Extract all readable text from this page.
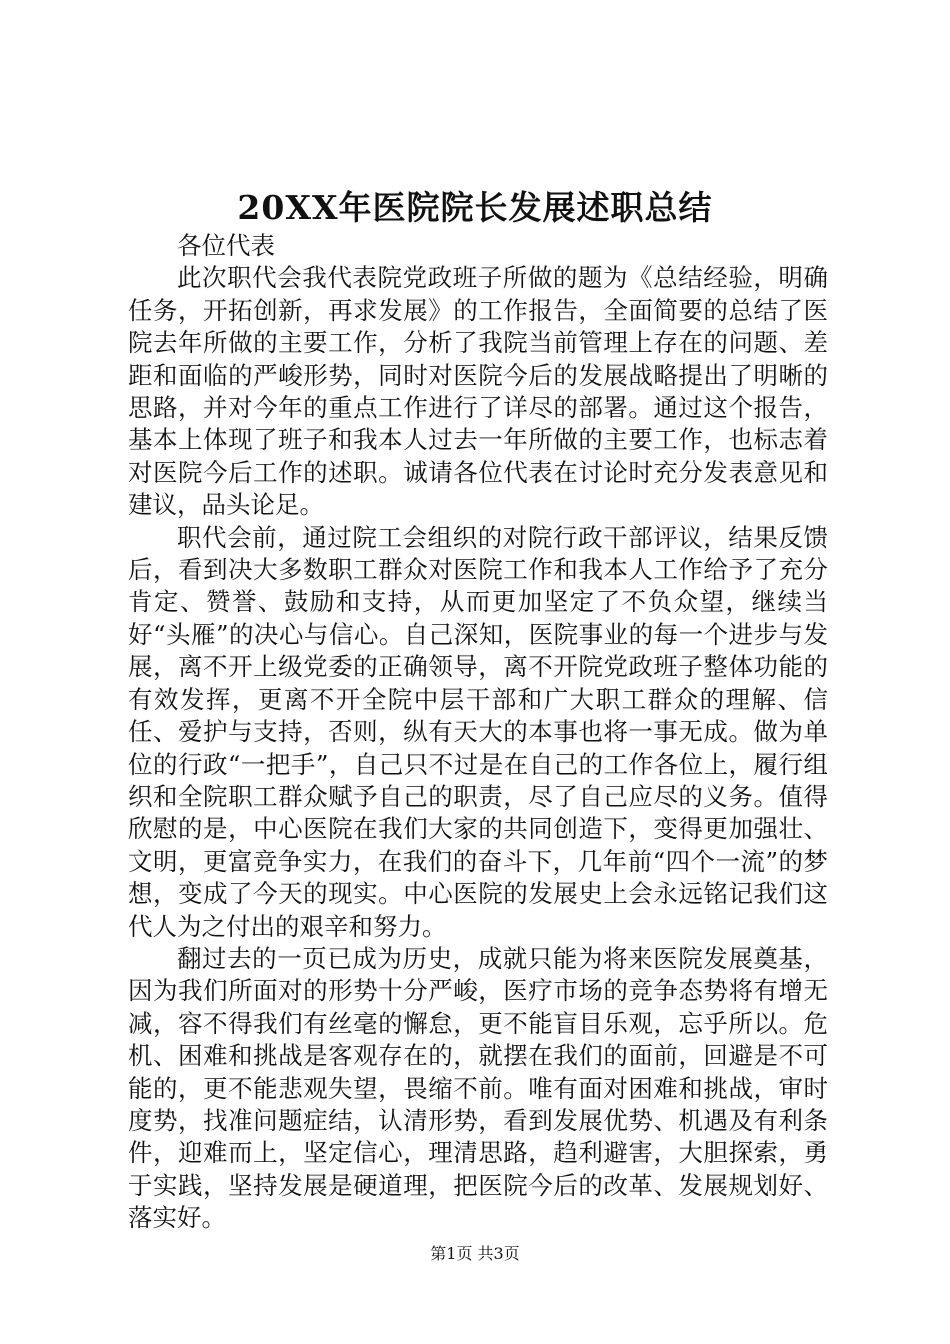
20XX年医院院长发展述职总结

各位代表

此次职代会我代表院党政班子所做的题为《总结经验，明确任务，开拓创新，再求发展》的工作报告，全面简要的总结了医院去年所做的主要工作，分析了我院当前管理上存在的问题、差距和面临的严峻形势，同时对医院今后的发展战略提出了明晰的思路，并对今年的重点工作进行了详尽的部署。通过这个报告，基本上体现了班子和我本人过去一年所做的主要工作，也标志着对医院今后工作的述职。诚请各位代表在讨论时充分发表意见和建议，品头论足。

职代会前，通过院工会组织的对院行政干部评议，结果反馈后，看到决大多数职工群众对医院工作和我本人工作给予了充分肯定、赞誉、鼓励和支持，从而更加坚定了不负众望，继续当好“头雁”的决心与信心。自己深知，医院事业的每一个进步与发展，离不开上级党委的正确领导，离不开院党政班子整体功能的有效发挥，更离不开全院中层干部和广大职工群众的理解、信任、爱护与支持，否则，纵有天大的本事也将一事无成。做为单位的行政“一把手”，自己只不过是在自己的工作各位上，履行组织和全院职工群众赋予自己的职责，尽了自己应尽的义务。值得欣慰的是，中心医院在我们大家的共同创造下，变得更加强壮、文明，更富竞争实力，在我们的奋斗下，几年前“四个一流”的梦想，变成了今天的现实。中心医院的发展史上会永远铭记我们这代人为之付出的艰辛和努力。

翻过去的一页已成为历史，成就只能为将来医院发展奠基，因为我们所面对的形势十分严峻，医疗市场的竞争态势将有增无减，容不得我们有丝毫的懈怠，更不能盲目乐观，忘乎所以。危机、困难和挑战是客观存在的，就摆在我们的面前，回避是不可能的，更不能悲观失望，畏缩不前。唯有面对困难和挑战，审时度势，找准问题症结，认清形势，看到发展优势、机遇及有利条件，迎难而上，坚定信心，理清思路，趋利避害，大胆探索，勇于实践，坚持发展是硬道理，把医院今后的改革、发展规划好、落实好。

第1页 共3页
